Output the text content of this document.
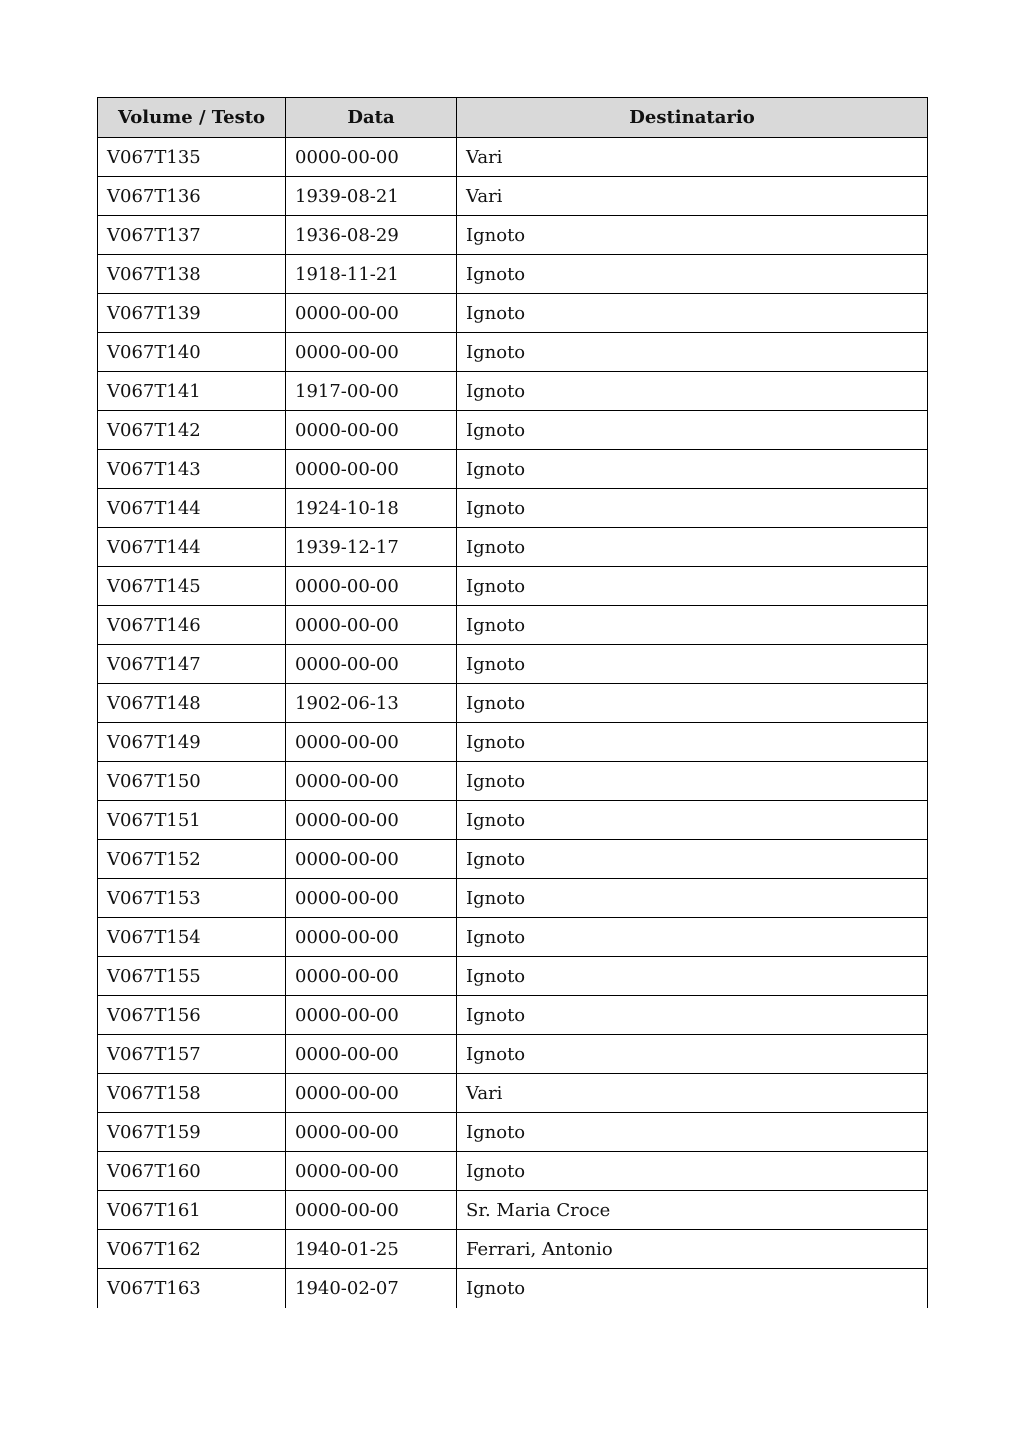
Volume / Testo	Data	Destinatario
V067T135	0000-00-00	Vari
V067T136	1939-08-21	Vari
V067T137	1936-08-29	Ignoto
V067T138	1918-11-21	Ignoto
V067T139	0000-00-00	Ignoto
V067T140	0000-00-00	Ignoto
V067T141	1917-00-00	Ignoto
V067T142	0000-00-00	Ignoto
V067T143	0000-00-00	Ignoto
V067T144	1924-10-18	Ignoto
V067T144	1939-12-17	Ignoto
V067T145	0000-00-00	Ignoto
V067T146	0000-00-00	Ignoto
V067T147	0000-00-00	Ignoto
V067T148	1902-06-13	Ignoto
V067T149	0000-00-00	Ignoto
V067T150	0000-00-00	Ignoto
V067T151	0000-00-00	Ignoto
V067T152	0000-00-00	Ignoto
V067T153	0000-00-00	Ignoto
V067T154	0000-00-00	Ignoto
V067T155	0000-00-00	Ignoto
V067T156	0000-00-00	Ignoto
V067T157	0000-00-00	Ignoto
V067T158	0000-00-00	Vari
V067T159	0000-00-00	Ignoto
V067T160	0000-00-00	Ignoto
V067T161	0000-00-00	Sr. Maria Croce
V067T162	1940-01-25	Ferrari, Antonio
V067T163	1940-02-07	Ignoto
